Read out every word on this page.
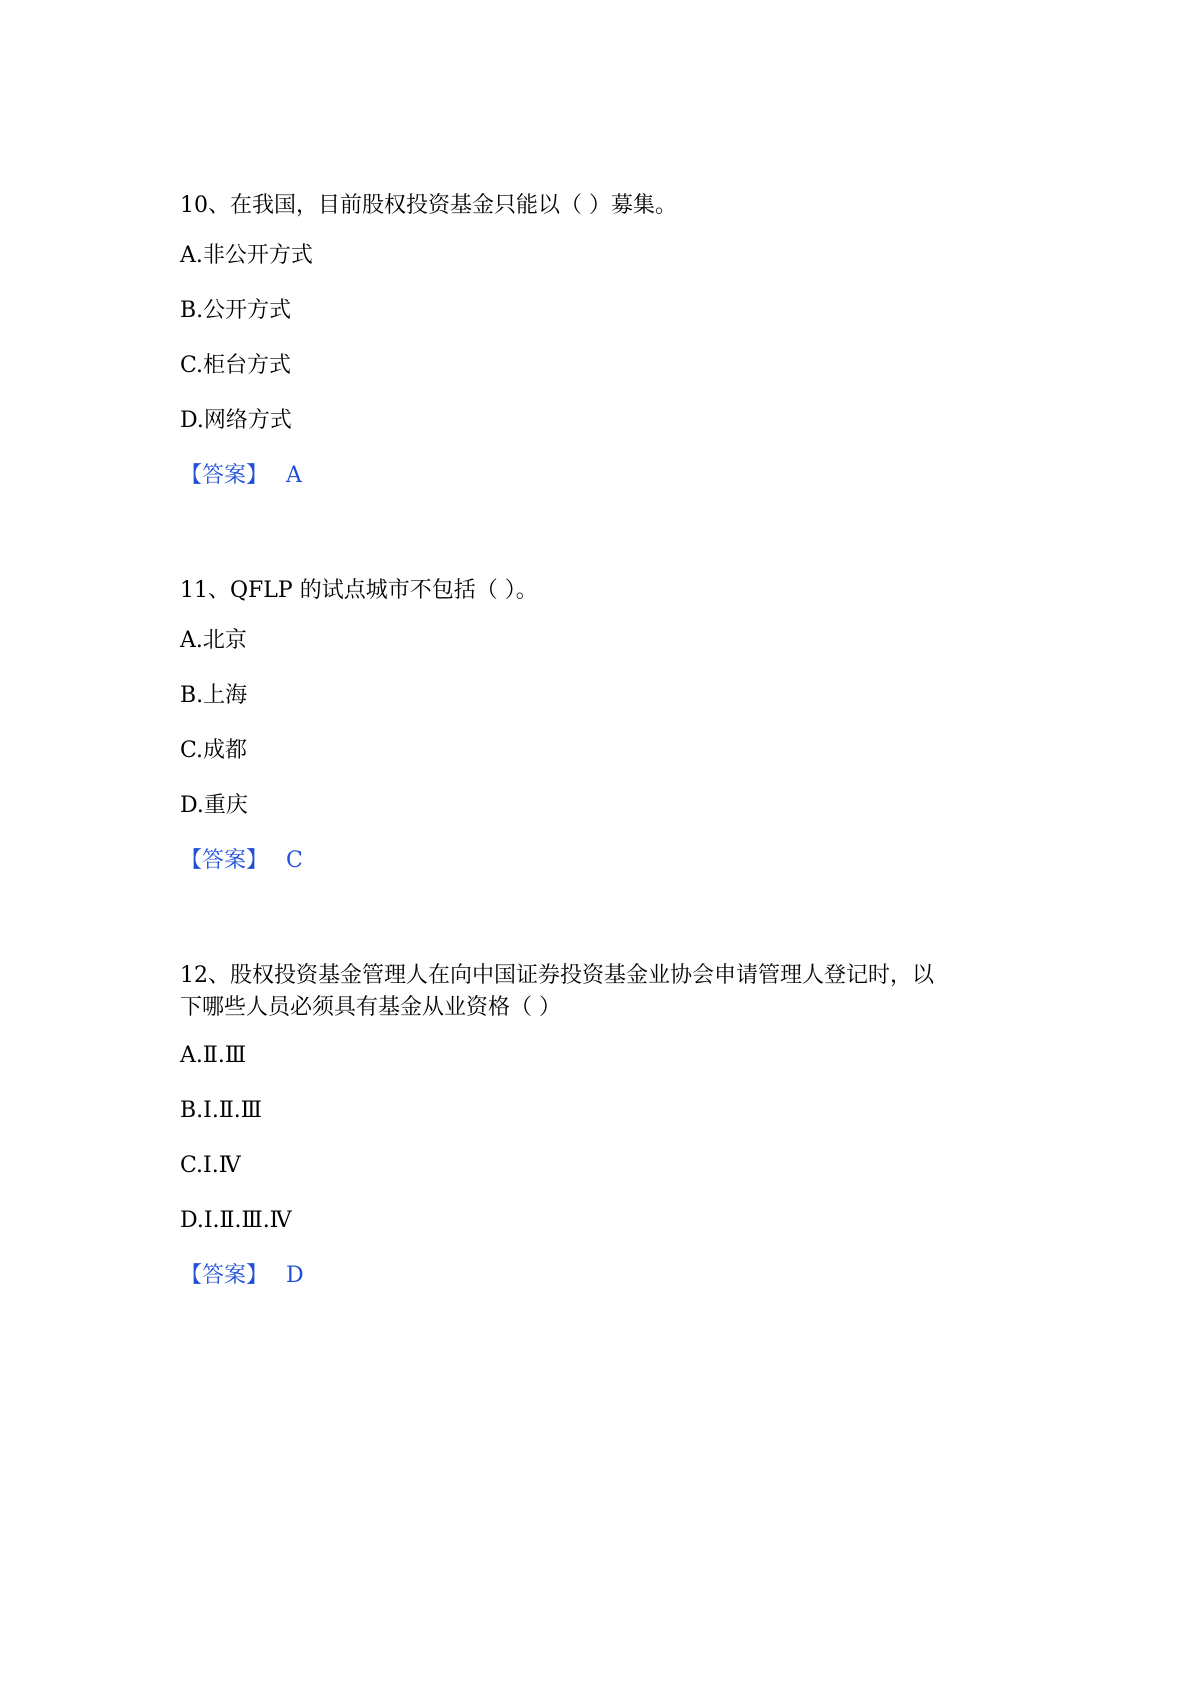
10、在我国，目前股权投资基金只能以（ ）募集。

A.非公开方式

B.公开方式

C.柜台方式

D.网络方式

【答案】 A

11、QFLP 的试点城市不包括（ ）。

A.北京

B.上海

C.成都

D.重庆

【答案】 C

12、股权投资基金管理人在向中国证券投资基金业协会申请管理人登记时，以
下哪些人员必须具有基金从业资格（ ）

A.Ⅱ.Ⅲ

B.Ⅰ.Ⅱ.Ⅲ

C.Ⅰ.Ⅳ

D.Ⅰ.Ⅱ.Ⅲ.Ⅳ

【答案】 D
